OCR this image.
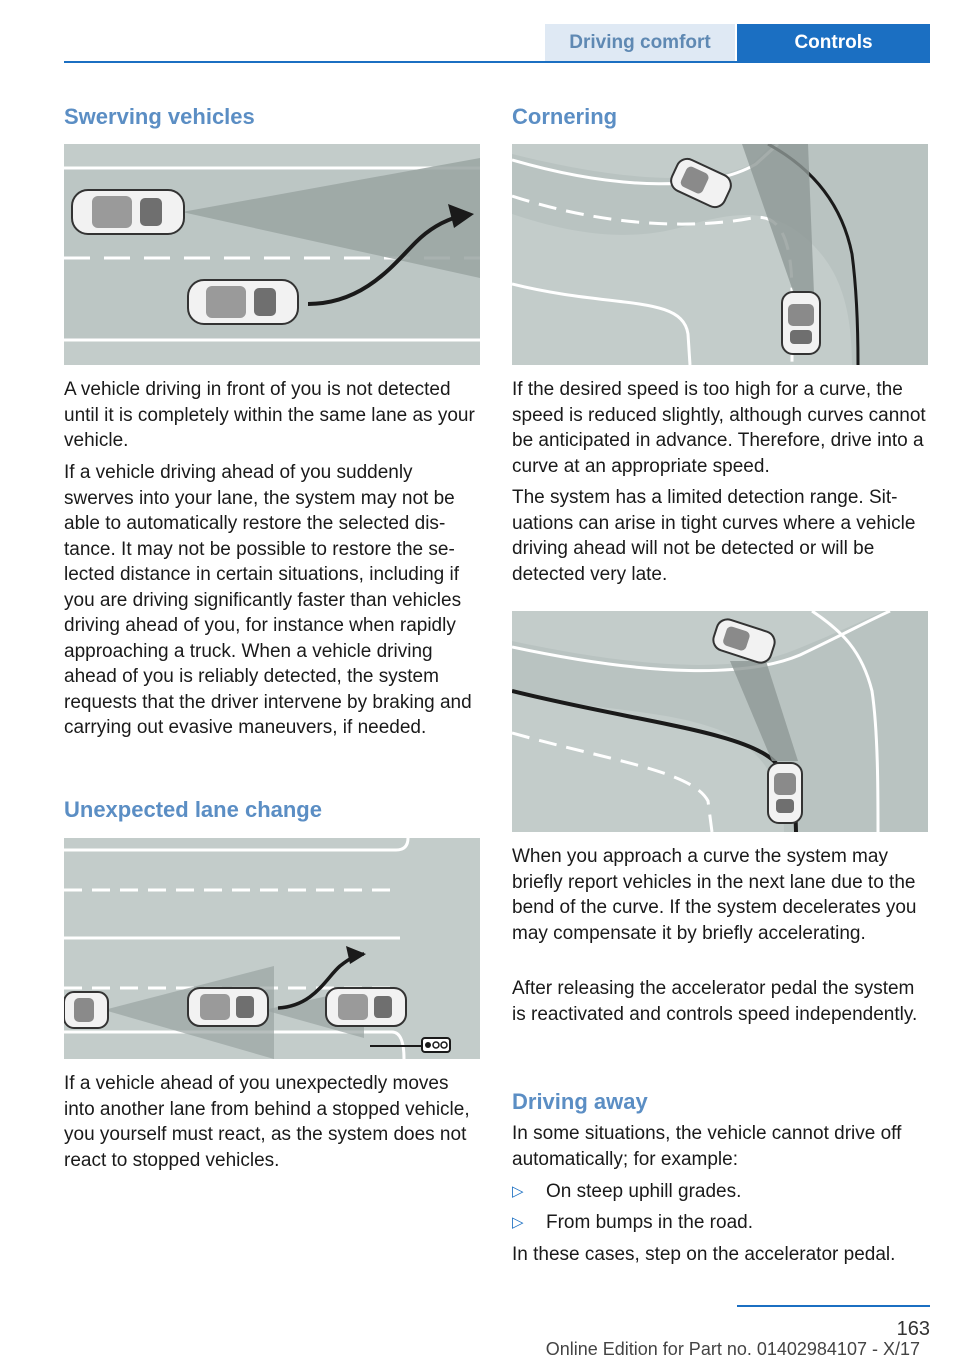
Driving comfort	Controls
Swerving vehicles

A vehicle driving in front of you is not detected until it is completely within the same lane as your vehicle.

If a vehicle driving ahead of you suddenly swerves into your lane, the system may not be able to automatically restore the selected distance. It may not be possible to restore the selected distance in certain situations, including if you are driving significantly faster than vehicles driving ahead of you, for instance when rapidly approaching a truck. When a vehicle driving ahead of you is reliably detected, the system requests that the driver intervene by braking and carrying out evasive maneuvers, if needed.

Unexpected lane change

If a vehicle ahead of you unexpectedly moves into another lane from behind a stopped vehicle, you yourself must react, as the system does not react to stopped vehicles.

Cornering

If the desired speed is too high for a curve, the speed is reduced slightly, although curves cannot be anticipated in advance. Therefore, drive into a curve at an appropriate speed.

The system has a limited detection range. Situations can arise in tight curves where a vehicle driving ahead will not be detected or will be detected very late.

When you approach a curve the system may briefly report vehicles in the next lane due to the bend of the curve. If the system decelerates you may compensate it by briefly accelerating.

After releasing the accelerator pedal the system is reactivated and controls speed independently.

Driving away

In some situations, the vehicle cannot drive off automatically; for example:

▷ On steep uphill grades.
▷ From bumps in the road.

In these cases, step on the accelerator pedal.

163
Online Edition for Part no. 01402984107 - X/17
